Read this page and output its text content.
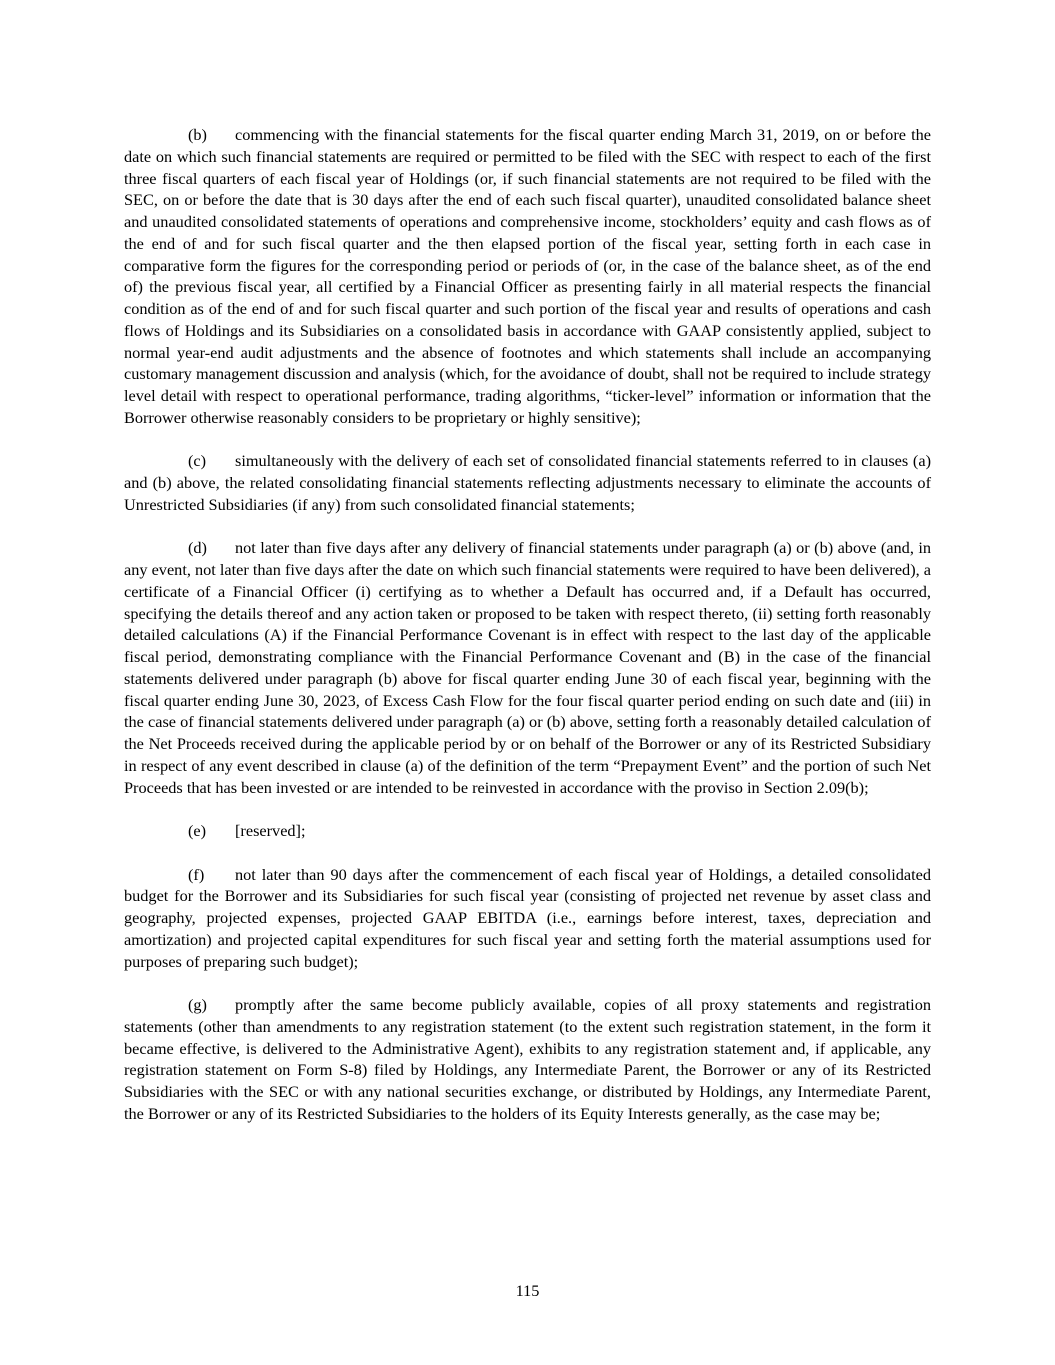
(b) commencing with the financial statements for the fiscal quarter ending March 31, 2019, on or before the date on which such financial statements are required or permitted to be filed with the SEC with respect to each of the first three fiscal quarters of each fiscal year of Holdings (or, if such financial statements are not required to be filed with the SEC, on or before the date that is 30 days after the end of each such fiscal quarter), unaudited consolidated balance sheet and unaudited consolidated statements of operations and comprehensive income, stockholders’ equity and cash flows as of the end of and for such fiscal quarter and the then elapsed portion of the fiscal year, setting forth in each case in comparative form the figures for the corresponding period or periods of (or, in the case of the balance sheet, as of the end of) the previous fiscal year, all certified by a Financial Officer as presenting fairly in all material respects the financial condition as of the end of and for such fiscal quarter and such portion of the fiscal year and results of operations and cash flows of Holdings and its Subsidiaries on a consolidated basis in accordance with GAAP consistently applied, subject to normal year-end audit adjustments and the absence of footnotes and which statements shall include an accompanying customary management discussion and analysis (which, for the avoidance of doubt, shall not be required to include strategy level detail with respect to operational performance, trading algorithms, “ticker-level” information or information that the Borrower otherwise reasonably considers to be proprietary or highly sensitive);

(c) simultaneously with the delivery of each set of consolidated financial statements referred to in clauses (a) and (b) above, the related consolidating financial statements reflecting adjustments necessary to eliminate the accounts of Unrestricted Subsidiaries (if any) from such consolidated financial statements;

(d) not later than five days after any delivery of financial statements under paragraph (a) or (b) above (and, in any event, not later than five days after the date on which such financial statements were required to have been delivered), a certificate of a Financial Officer (i) certifying as to whether a Default has occurred and, if a Default has occurred, specifying the details thereof and any action taken or proposed to be taken with respect thereto, (ii) setting forth reasonably detailed calculations (A) if the Financial Performance Covenant is in effect with respect to the last day of the applicable fiscal period, demonstrating compliance with the Financial Performance Covenant and (B) in the case of the financial statements delivered under paragraph (b) above for fiscal quarter ending June 30 of each fiscal year, beginning with the fiscal quarter ending June 30, 2023, of Excess Cash Flow for the four fiscal quarter period ending on such date and (iii) in the case of financial statements delivered under paragraph (a) or (b) above, setting forth a reasonably detailed calculation of the Net Proceeds received during the applicable period by or on behalf of the Borrower or any of its Restricted Subsidiary in respect of any event described in clause (a) of the definition of the term “Prepayment Event” and the portion of such Net Proceeds that has been invested or are intended to be reinvested in accordance with the proviso in Section 2.09(b);

(e) [reserved];

(f) not later than 90 days after the commencement of each fiscal year of Holdings, a detailed consolidated budget for the Borrower and its Subsidiaries for such fiscal year (consisting of projected net revenue by asset class and geography, projected expenses, projected GAAP EBITDA (i.e., earnings before interest, taxes, depreciation and amortization) and projected capital expenditures for such fiscal year and setting forth the material assumptions used for purposes of preparing such budget);

(g) promptly after the same become publicly available, copies of all proxy statements and registration statements (other than amendments to any registration statement (to the extent such registration statement, in the form it became effective, is delivered to the Administrative Agent), exhibits to any registration statement and, if applicable, any registration statement on Form S-8) filed by Holdings, any Intermediate Parent, the Borrower or any of its Restricted Subsidiaries with the SEC or with any national securities exchange, or distributed by Holdings, any Intermediate Parent, the Borrower or any of its Restricted Subsidiaries to the holders of its Equity Interests generally, as the case may be;

115
